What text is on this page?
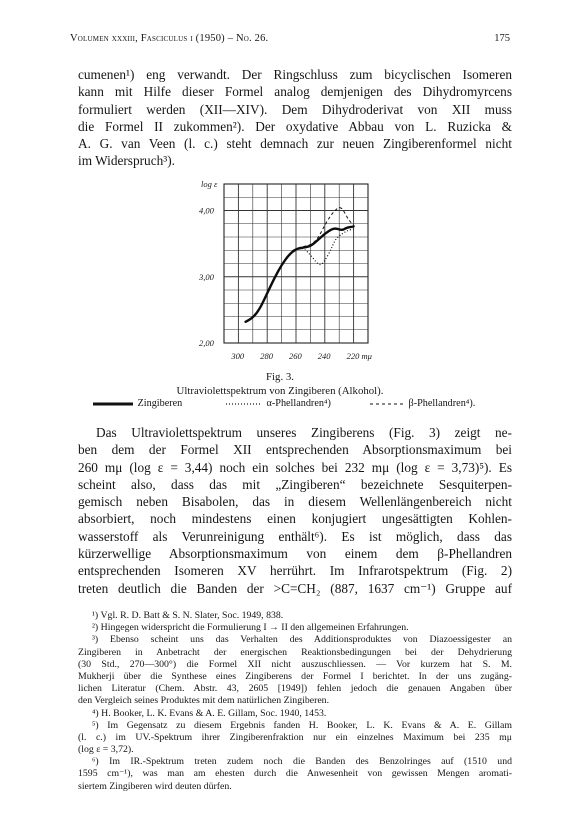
Volumen xxxiii, Fasciculus i (1950) – No. 26.	175
cumenen¹) eng verwandt. Der Ringschluss zum bicyclischen Isomeren
kann mit Hilfe dieser Formel analog demjenigen des Dihydromyrcens
formuliert werden (XII—XIV). Dem Dihydroderivat von XII muss
die Formel II zukommen²). Der oxydative Abbau von L. Ruzicka &
A. G. van Veen (l. c.) steht demnach zur neuen Zingiberenformel nicht
im Widerspruch³).
log ε
4,00
3,00
2,00
300 280 260 240 220 mμ
Fig. 3.
Ultraviolettspektrum von Zingiberen (Alkohol).
Zingiberen	α-Phellandren⁴)	β-Phellandren⁴).
Das Ultraviolettspektrum unseres Zingiberens (Fig. 3) zeigt ne-
ben dem der Formel XII entsprechenden Absorptionsmaximum bei
260 mμ (log ε = 3,44) noch ein solches bei 232 mμ (log ε = 3,73)⁵). Es
scheint also, dass das mit „Zingiberen“ bezeichnete Sesquiterpen-
gemisch neben Bisabolen, das in diesem Wellenlängenbereich nicht
absorbiert, noch mindestens einen konjugiert ungesättigten Kohlen-
wasserstoff als Verunreinigung enthält⁶). Es ist möglich, dass das
kürzerwellige Absorptionsmaximum von einem dem β-Phellandren
entsprechenden Isomeren XV herrührt. Im Infrarotspektrum (Fig. 2)
treten deutlich die Banden der >C=CH₂ (887, 1637 cm⁻¹) Gruppe auf
¹) Vgl. R. D. Batt & S. N. Slater, Soc. 1949, 838.
²) Hingegen widerspricht die Formulierung I → II den allgemeinen Erfahrungen.
³) Ebenso scheint uns das Verhalten des Additionsproduktes von Diazoessigester an
Zingiberen in Anbetracht der energischen Reaktionsbedingungen bei der Dehydrierung
(30 Std., 270—300°) die Formel XII nicht auszuschliessen. — Vor kurzem hat S. M.
Mukherji über die Synthese eines Zingiberens der Formel I berichtet. In der uns zugäng-
lichen Literatur (Chem. Abstr. 43, 2605 [1949]) fehlen jedoch die genauen Angaben über
den Vergleich seines Produktes mit dem natürlichen Zingiberen.
⁴) H. Booker, L. K. Evans & A. E. Gillam, Soc. 1940, 1453.
⁵) Im Gegensatz zu diesem Ergebnis fanden H. Booker, L. K. Evans & A. E. Gillam
(l. c.) im UV.-Spektrum ihrer Zingiberenfraktion nur ein einzelnes Maximum bei 235 mμ
(log ε = 3,72).
⁶) Im IR.-Spektrum treten zudem noch die Banden des Benzolringes auf (1510 und
1595 cm⁻¹), was man am ehesten durch die Anwesenheit von gewissen Mengen aromati-
siertem Zingiberen wird deuten dürfen.
